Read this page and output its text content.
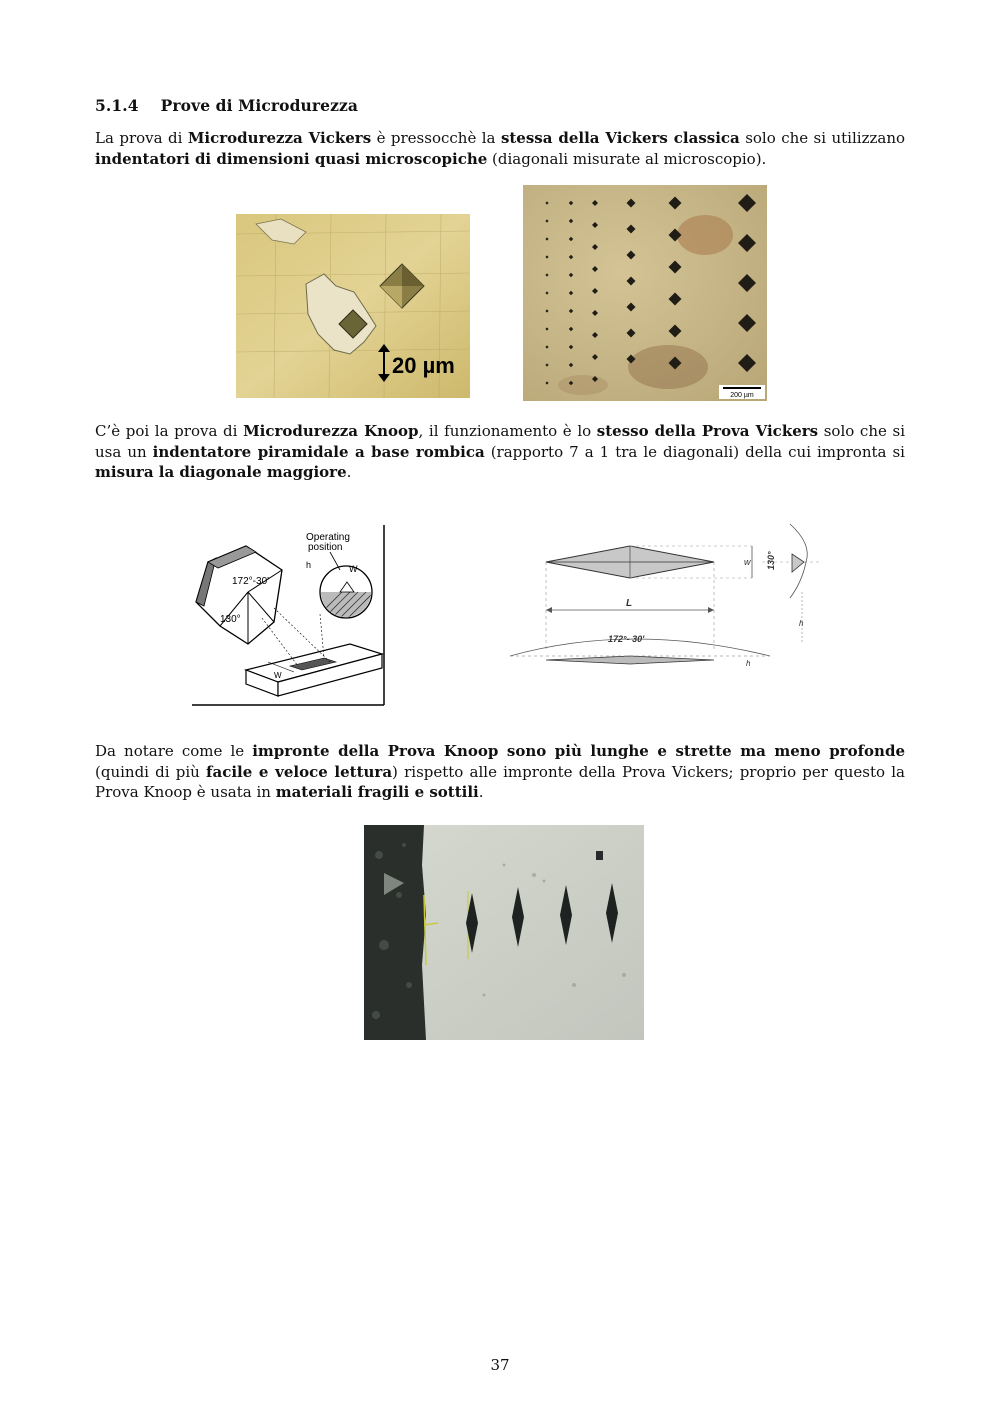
5.1.4 Prove di Microdurezza

La prova di Microdurezza Vickers è pressocchè la stessa della Vickers classica solo che si utilizzano indentatori di dimensioni quasi microscopiche (diagonali misurate al microscopio).

20 µm
200 µm

C’è poi la prova di Microdurezza Knoop, il funzionamento è lo stesso della Prova Vickers solo che si usa un indentatore piramidale a base rombica (rapporto 7 a 1 tra le diagonali) della cui impronta si misura la diagonale maggiore.

172°-30'
130°
Operating
position
h	W
W
w
L
130°
h
172°- 30'
h

Da notare come le impronte della Prova Knoop sono più lunghe e strette ma meno profonde (quindi di più facile e veloce lettura) rispetto alle impronte della Prova Vickers; proprio per questo la Prova Knoop è usata in materiali fragili e sottili.

37
